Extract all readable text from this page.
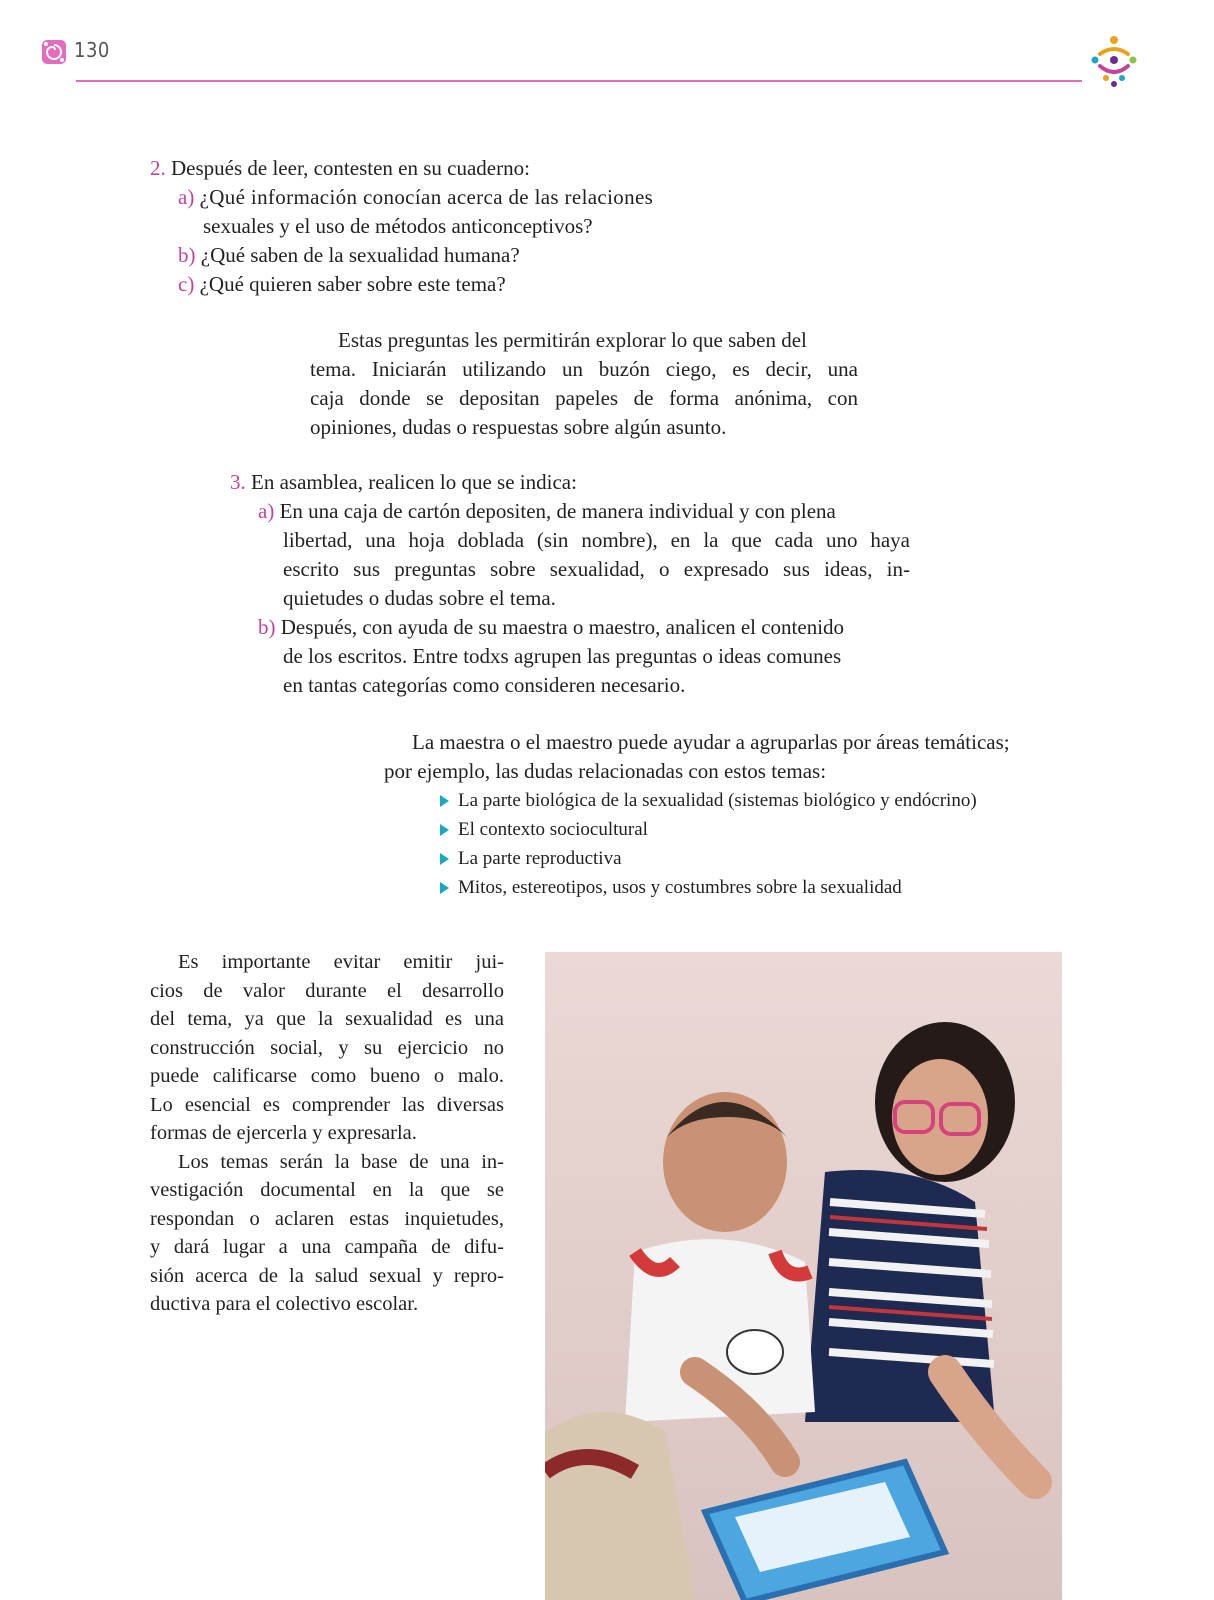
130
2. Después de leer, contesten en su cuaderno:
a) ¿Qué información conocían acerca de las relaciones
sexuales y el uso de métodos anticonceptivos?
b) ¿Qué saben de la sexualidad humana?
c) ¿Qué quieren saber sobre este tema?
Estas preguntas les permitirán explorar lo que saben del
tema. Iniciarán utilizando un buzón ciego, es decir, una
caja donde se depositan papeles de forma anónima, con
opiniones, dudas o respuestas sobre algún asunto.
3. En asamblea, realicen lo que se indica:
a) En una caja de cartón depositen, de manera individual y con plena
libertad, una hoja doblada (sin nombre), en la que cada uno haya
escrito sus preguntas sobre sexualidad, o expresado sus ideas, in-
quietudes o dudas sobre el tema.
b) Después, con ayuda de su maestra o maestro, analicen el contenido
de los escritos. Entre todxs agrupen las preguntas o ideas comunes
en tantas categorías como consideren necesario.
La maestra o el maestro puede ayudar a agruparlas por áreas temáticas;
por ejemplo, las dudas relacionadas con estos temas:
La parte biológica de la sexualidad (sistemas biológico y endócrino)
El contexto sociocultural
La parte reproductiva
Mitos, estereotipos, usos y costumbres sobre la sexualidad
Es importante evitar emitir jui-
cios de valor durante el desarrollo
del tema, ya que la sexualidad es una
construcción social, y su ejercicio no
puede calificarse como bueno o malo.
Lo esencial es comprender las diversas
formas de ejercerla y expresarla.
Los temas serán la base de una in-
vestigación documental en la que se
respondan o aclaren estas inquietudes,
y dará lugar a una campaña de difu-
sión acerca de la salud sexual y repro-
ductiva para el colectivo escolar.
